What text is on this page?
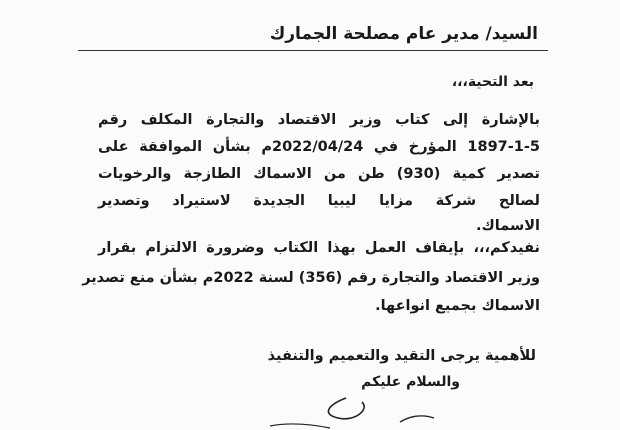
السيد/ مدير عام مصلحة الجمارك
بعد التحية،،،
بالإشارة إلى كتاب وزير الاقتصاد والتجارة المكلف رقم
1897-1-5 المؤرخ في 2022/04/24م بشأن الموافقة على
تصدير كمية (930) طن من الاسماك الطازجة والرخويات
لصالح شركة مزايا ليبيا الجديدة لاستيراد وتصدير
الاسماك.
نفيدكم،،، بإيقاف العمل بهذا الكتاب وضرورة الالتزام بقرار
وزير الاقتصاد والتجارة رقم (356) لسنة 2022م بشأن منع تصدير
الاسماك بجميع انواعها.
للأهمية يرجى التقيد والتعميم والتنفيذ
والسلام عليكم
